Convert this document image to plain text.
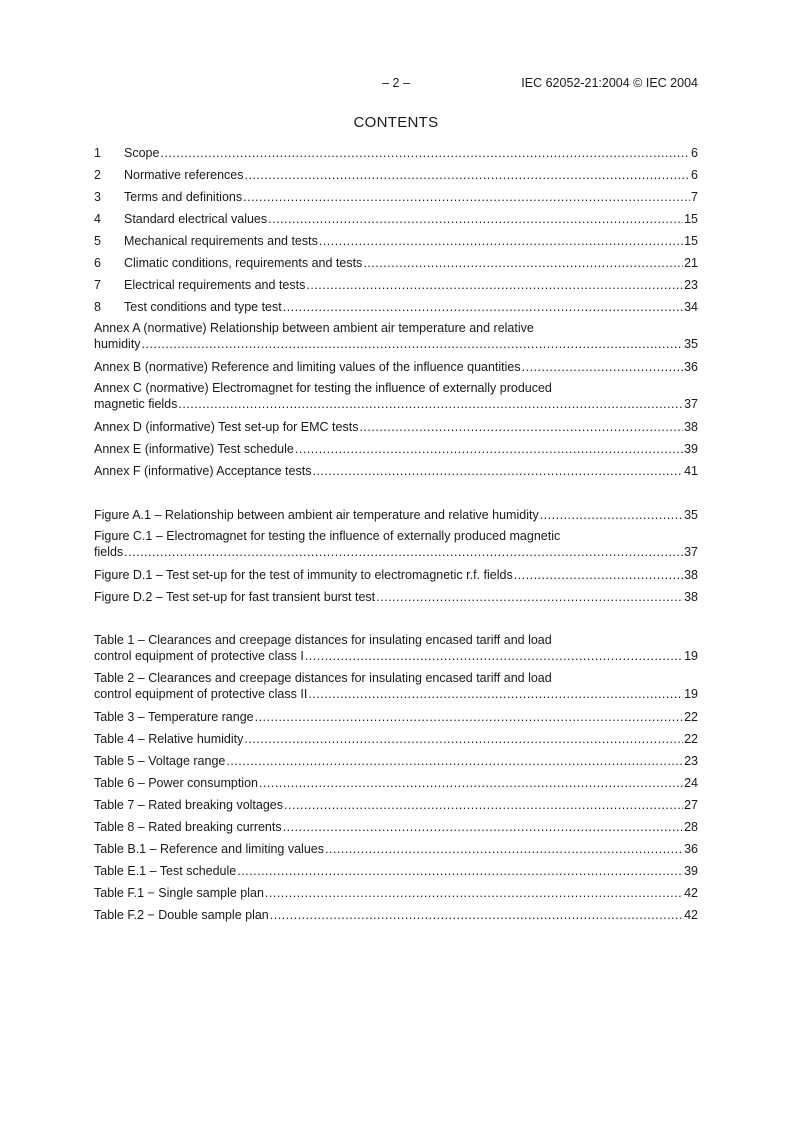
– 2 –	IEC 62052-21:2004 © IEC 2004
CONTENTS
1	Scope .....	6
2	Normative references .....	6
3	Terms and definitions .....	7
4	Standard electrical values .....	15
5	Mechanical requirements and tests .....	15
6	Climatic conditions, requirements and tests .....	21
7	Electrical requirements and tests .....	23
8	Test conditions and type test .....	34
Annex A (normative) Relationship between ambient air temperature and relative
humidity .....	35
Annex B (normative) Reference and limiting values of the influence quantities .....	36
Annex C (normative) Electromagnet for testing the influence of externally produced
magnetic fields .....	37
Annex D (informative) Test set-up for EMC tests .....	38
Annex E (informative) Test schedule .....	39
Annex F (informative) Acceptance tests .....	41
Figure A.1 – Relationship between ambient air temperature and relative humidity .....	35
Figure C.1 – Electromagnet for testing the influence of externally produced magnetic
fields .....	37
Figure D.1 – Test set-up for the test of immunity to electromagnetic r.f. fields .....	38
Figure D.2 – Test set-up for fast transient burst test .....	38
Table 1 – Clearances and creepage distances for insulating encased tariff and load
control equipment of protective class I .....	19
Table 2 – Clearances and creepage distances for insulating encased tariff and load
control equipment of protective class II .....	19
Table 3 – Temperature range .....	22
Table 4 – Relative humidity .....	22
Table 5 – Voltage range .....	23
Table 6 – Power consumption .....	24
Table 7 – Rated breaking voltages .....	27
Table 8 – Rated breaking currents .....	28
Table B.1 – Reference and limiting values .....	36
Table E.1 – Test schedule .....	39
Table F.1 − Single sample plan .....	42
Table F.2 − Double sample plan .....	42
